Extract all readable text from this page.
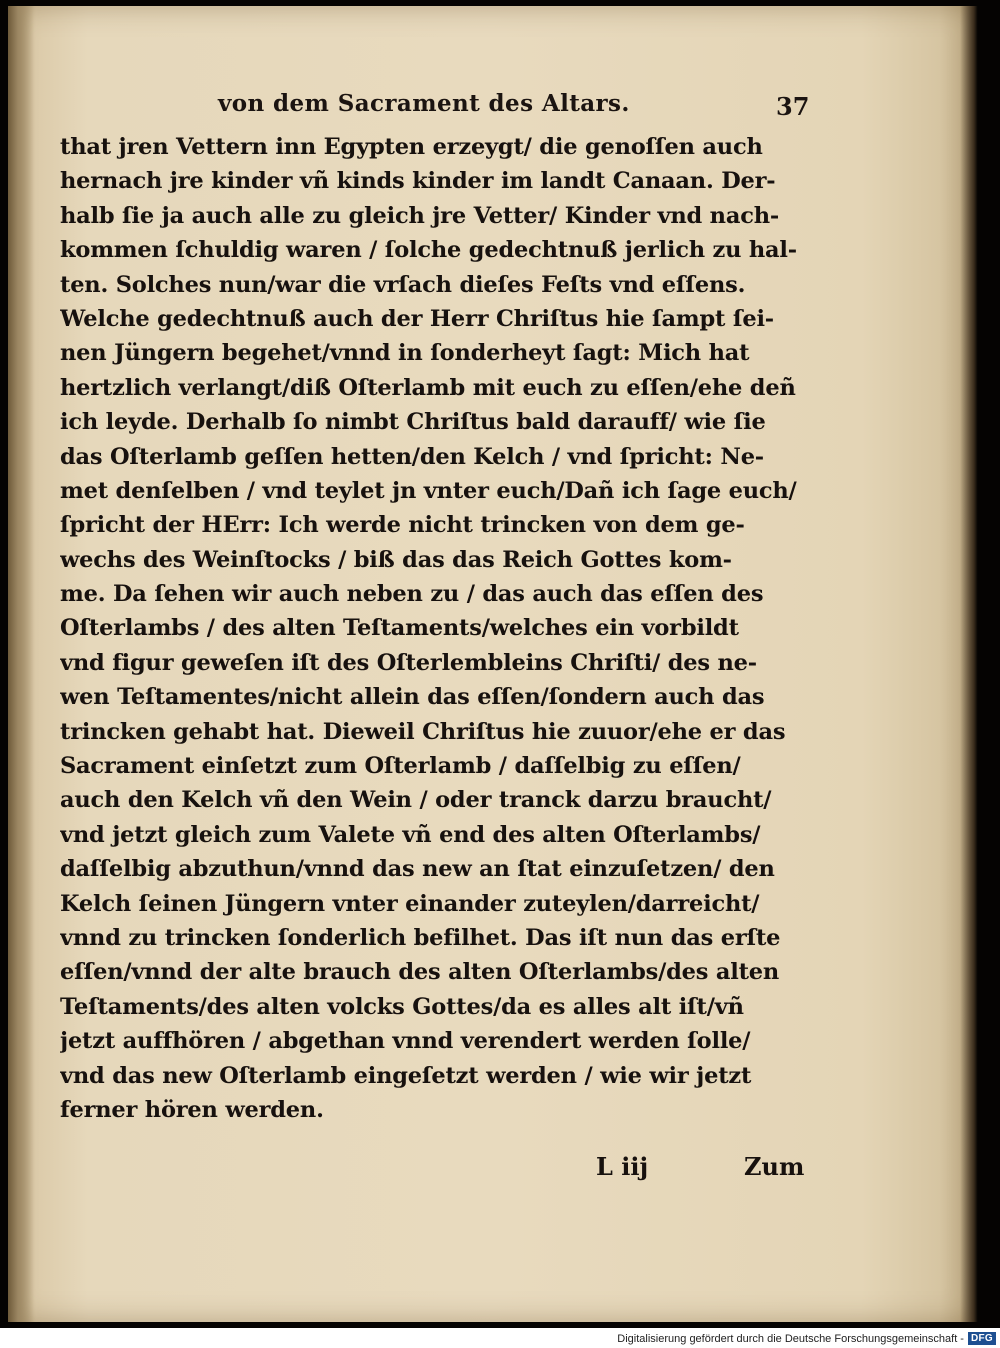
von dem Sacrament des Altars.	37
that jren Vettern inn Egypten erzeygt/ die genoſſen auch
hernach jre kinder vñ kinds kinder im landt Canaan. Der-
halb ſie ja auch alle zu gleich jre Vetter/ Kinder vnd nach-
kommen ſchuldig waren / ſolche gedechtnuß jerlich zu hal-
ten. Solches nun/war die vrſach dieſes Feſts vnd eſſens.
Welche gedechtnuß auch der Herr Chriſtus hie ſampt ſei-
nen Jüngern begehet/vnnd in ſonderheyt ſagt: Mich hat
hertzlich verlangt/diß Oſterlamb mit euch zu eſſen/ehe deñ
ich leyde. Derhalb ſo nimbt Chriſtus bald darauff/ wie ſie
das Oſterlamb geſſen hetten/den Kelch / vnd ſpricht: Ne-
met denſelben / vnd teylet jn vnter euch/Dañ ich ſage euch/
ſpricht der HErr: Ich werde nicht trincken von dem ge-
wechs des Weinſtocks / biß das das Reich Gottes kom-
me. Da ſehen wir auch neben zu / das auch das eſſen des
Oſterlambs / des alten Teſtaments/welches ein vorbildt
vnd figur geweſen iſt des Oſterlembleins Chriſti/ des ne-
wen Teſtamentes/nicht allein das eſſen/ſondern auch das
trincken gehabt hat. Dieweil Chriſtus hie zuuor/ehe er das
Sacrament einſetzt zum Oſterlamb / daſſelbig zu eſſen/
auch den Kelch vñ den Wein / oder tranck darzu braucht/
vnd jetzt gleich zum Valete vñ end des alten Oſterlambs/
daſſelbig abzuthun/vnnd das new an ſtat einzuſetzen/ den
Kelch ſeinen Jüngern vnter einander zuteylen/darreicht/
vnnd zu trincken ſonderlich befilhet. Das iſt nun das erſte
eſſen/vnnd der alte brauch des alten Oſterlambs/des alten
Teſtaments/des alten volcks Gottes/da es alles alt iſt/vñ
jetzt auffhören / abgethan vnnd verendert werden ſolle/
vnd das new Oſterlamb eingeſetzt werden / wie wir jetzt
ferner hören werden.
L iij	Zum
Digitalisierung gefördert durch die Deutsche Forschungsgemeinschaft - DFG
